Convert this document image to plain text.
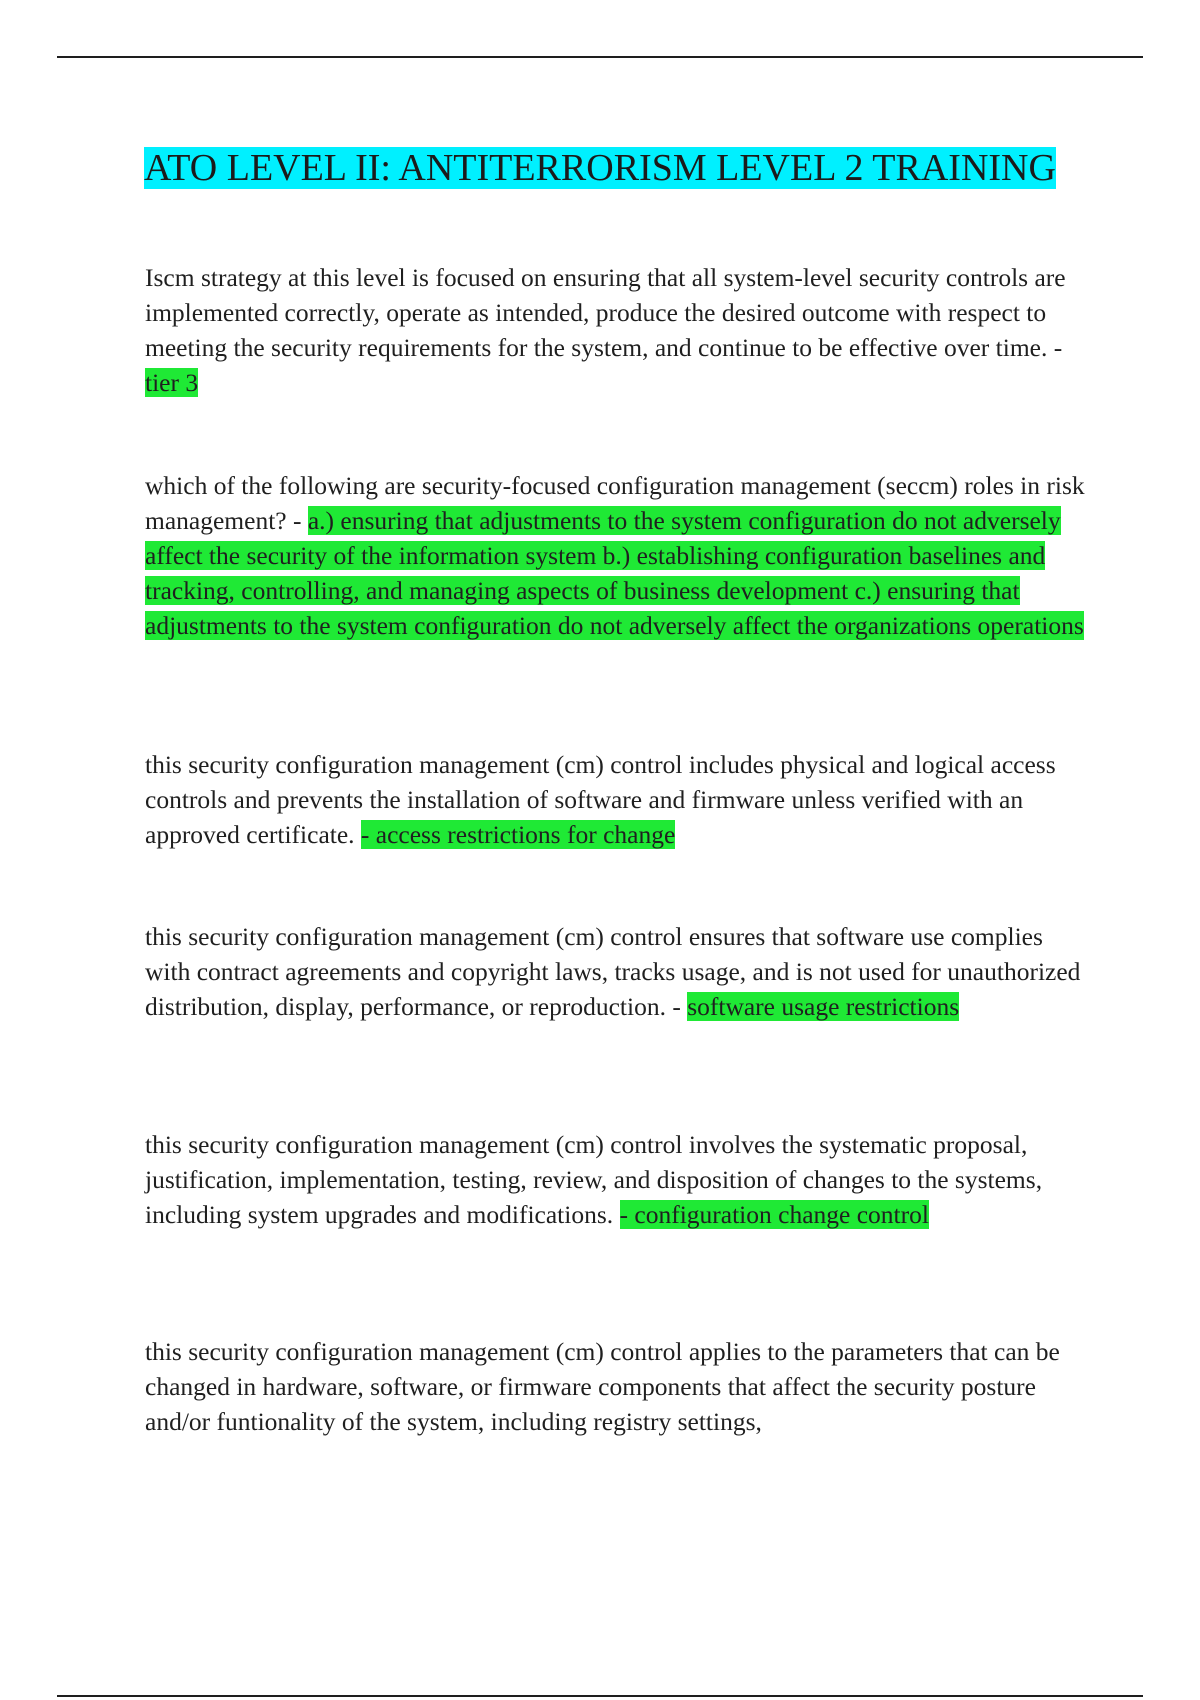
ATO LEVEL II: ANTITERRORISM LEVEL 2 TRAINING

Iscm strategy at this level is focused on ensuring that all system-level security controls are implemented correctly, operate as intended, produce the desired outcome with respect to meeting the security requirements for the system, and continue to be effective over time. - tier 3

which of the following are security-focused configuration management (seccm) roles in risk management? - a.) ensuring that adjustments to the system configuration do not adversely affect the security of the information system b.) establishing configuration baselines and tracking, controlling, and managing aspects of business development c.) ensuring that adjustments to the system configuration do not adversely affect the organizations operations

this security configuration management (cm) control includes physical and logical access controls and prevents the installation of software and firmware unless verified with an approved certificate. - access restrictions for change

this security configuration management (cm) control ensures that software use complies with contract agreements and copyright laws, tracks usage, and is not used for unauthorized distribution, display, performance, or reproduction. - software usage restrictions

this security configuration management (cm) control involves the systematic proposal, justification, implementation, testing, review, and disposition of changes to the systems, including system upgrades and modifications. - configuration change control

this security configuration management (cm) control applies to the parameters that can be changed in hardware, software, or firmware components that affect the security posture and/or funtionality of the system, including registry settings,
